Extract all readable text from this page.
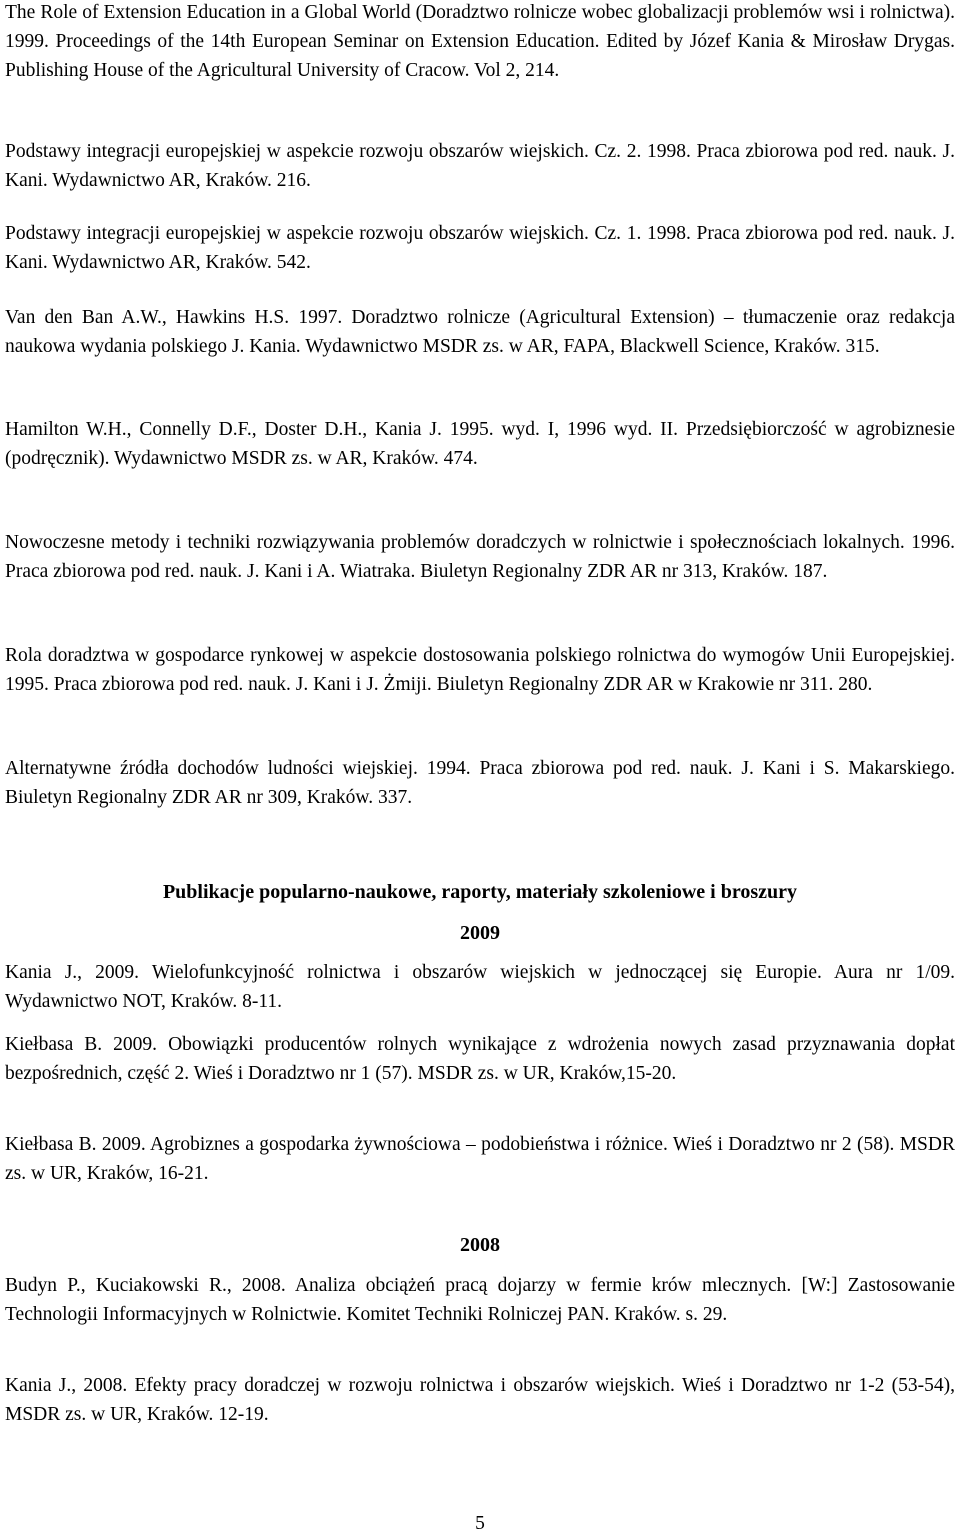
The Role of Extension Education in a Global World (Doradztwo rolnicze wobec globalizacji problemów wsi i rolnictwa). 1999. Proceedings of the 14th European Seminar on Extension Education. Edited by Józef Kania & Mirosław Drygas. Publishing House of the Agricultural University of Cracow. Vol 2, 214.

Podstawy integracji europejskiej w aspekcie rozwoju obszarów wiejskich. Cz. 2. 1998. Praca zbiorowa pod red. nauk. J. Kani. Wydawnictwo AR, Kraków. 216.

Podstawy integracji europejskiej w aspekcie rozwoju obszarów wiejskich. Cz. 1. 1998. Praca zbiorowa pod red. nauk. J. Kani. Wydawnictwo AR, Kraków. 542.

Van den Ban A.W., Hawkins H.S. 1997. Doradztwo rolnicze (Agricultural Extension) – tłumaczenie oraz redakcja naukowa wydania polskiego J. Kania. Wydawnictwo MSDR zs. w AR, FAPA, Blackwell Science, Kraków. 315.

Hamilton W.H., Connelly D.F., Doster D.H., Kania J. 1995. wyd. I, 1996 wyd. II. Przedsiębiorczość w agrobiznesie (podręcznik). Wydawnictwo MSDR zs. w AR, Kraków. 474.

Nowoczesne metody i techniki rozwiązywania problemów doradczych w rolnictwie i społecznościach lokalnych. 1996. Praca zbiorowa pod red. nauk. J. Kani i A. Wiatraka. Biuletyn Regionalny ZDR AR nr 313, Kraków. 187.

Rola doradztwa w gospodarce rynkowej w aspekcie dostosowania polskiego rolnictwa do wymogów Unii Europejskiej. 1995. Praca zbiorowa pod red. nauk. J. Kani i J. Żmiji. Biuletyn Regionalny ZDR AR w Krakowie nr 311. 280.

Alternatywne źródła dochodów ludności wiejskiej. 1994. Praca zbiorowa pod red. nauk. J. Kani i S. Makarskiego. Biuletyn Regionalny ZDR AR nr 309, Kraków. 337.

Publikacje popularno-naukowe, raporty, materiały szkoleniowe i broszury
2009

Kania J., 2009. Wielofunkcyjność rolnictwa i obszarów wiejskich w jednoczącej się Europie. Aura nr 1/09. Wydawnictwo NOT, Kraków. 8-11.

Kiełbasa B. 2009. Obowiązki producentów rolnych wynikające z wdrożenia nowych zasad przyznawania dopłat bezpośrednich, część 2. Wieś i Doradztwo nr 1 (57). MSDR zs. w UR, Kraków,15-20.

Kiełbasa B. 2009. Agrobiznes a gospodarka żywnościowa – podobieństwa i różnice. Wieś i Doradztwo nr 2 (58). MSDR zs. w UR, Kraków, 16-21.

2008

Budyn P., Kuciakowski R., 2008. Analiza obciążeń pracą dojarzy w fermie krów mlecznych. [W:] Zastosowanie Technologii Informacyjnych w Rolnictwie. Komitet Techniki Rolniczej PAN. Kraków. s. 29.

Kania J., 2008. Efekty pracy doradczej w rozwoju rolnictwa i obszarów wiejskich. Wieś i Doradztwo nr 1-2 (53-54), MSDR zs. w UR, Kraków. 12-19.

5
